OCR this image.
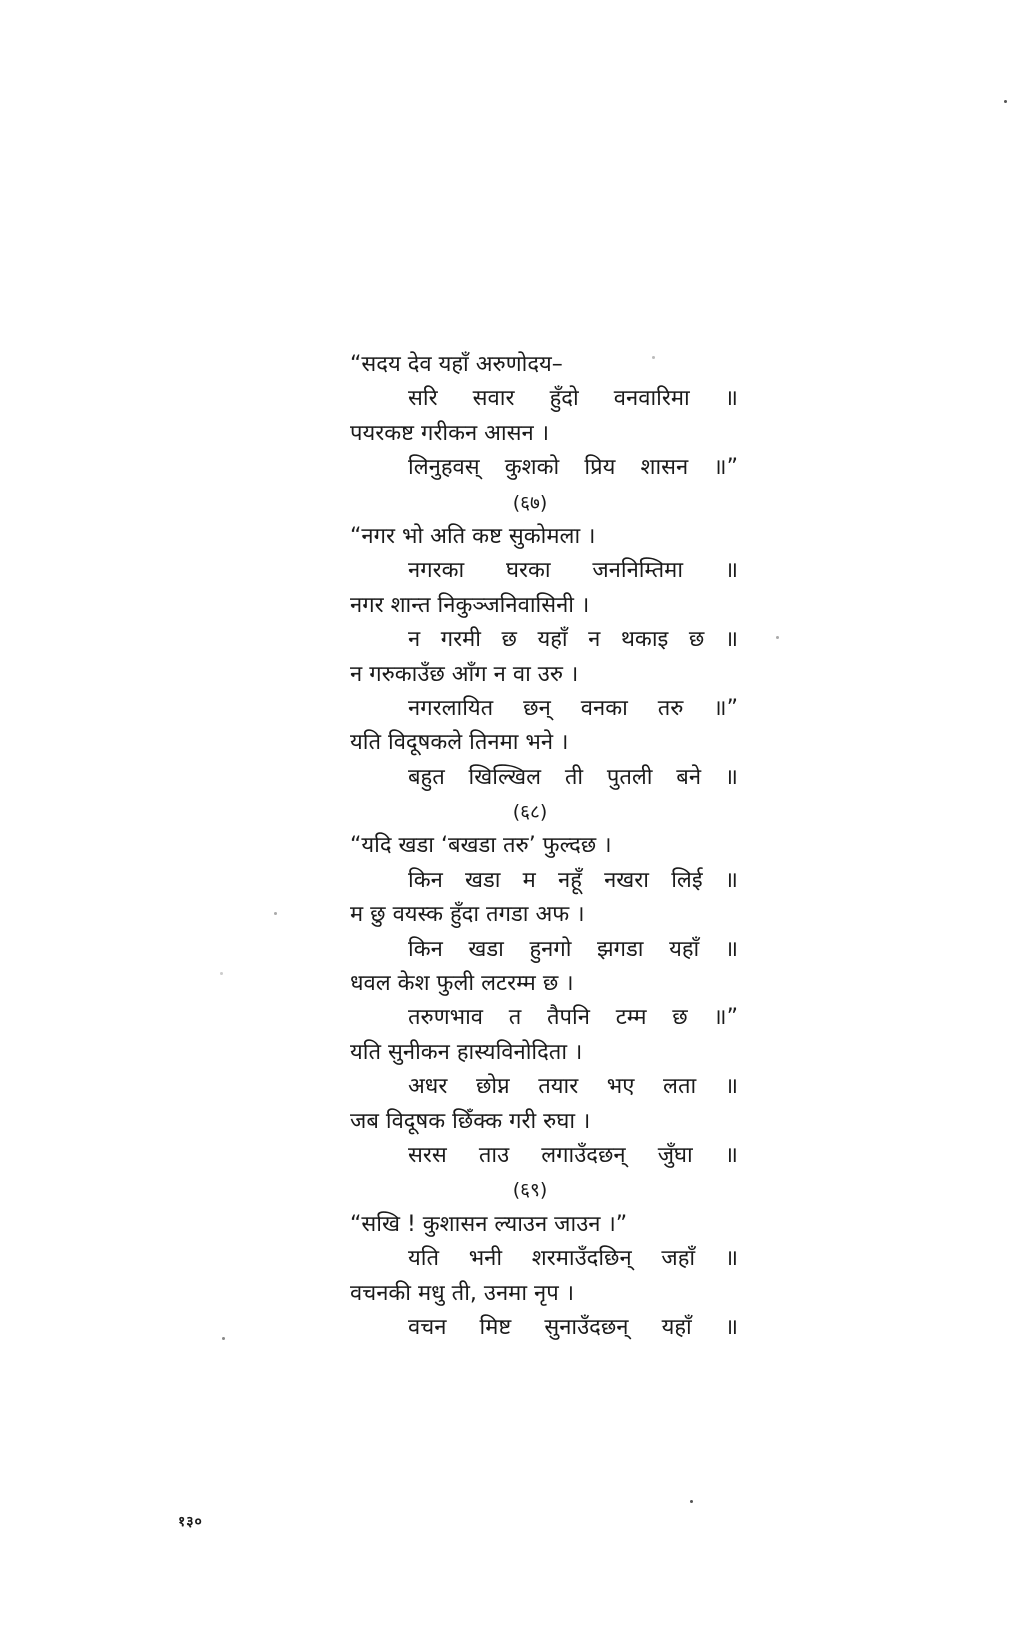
“सदय देव यहाँ अरुणोदय–
सरि सवार हुँदो वनवारिमा ॥
पयरकष्ट गरीकन आसन ।
लिनुहवस् कुशको प्रिय शासन ॥”
(६७)
“नगर भो अति कष्ट सुकोमला ।
नगरका घरका जननिम्तिमा ॥
नगर शान्त निकुञ्जनिवासिनी ।
न गरमी छ यहाँ न थकाइ छ ॥
न गरुकाउँछ आँग न वा उरु ।
नगरलायित छन् वनका तरु ॥”
यति विदूषकले तिनमा भने ।
बहुत खिल्खिल ती पुतली बने ॥
(६८)
“यदि खडा ‘बखडा तरु’ फुल्दछ ।
किन खडा म नहूँ नखरा लिई ॥
म छु वयस्क हुँदा तगडा अफ ।
किन खडा हुनगो झगडा यहाँ ॥
धवल केश फुली लटरम्म छ ।
तरुणभाव त तैपनि टम्म छ ॥”
यति सुनीकन हास्यविनोदिता ।
अधर छोप्न तयार भए लता ॥
जब विदूषक छिँक्क गरी रुघा ।
सरस ताउ लगाउँदछन् जुँघा ॥
(६९)
“सखि ! कुशासन ल्याउन जाउन ।”
यति भनी शरमाउँदछिन् जहाँ ॥
वचनकी मधु ती, उनमा नृप ।
वचन मिष्ट सुनाउँदछन् यहाँ ॥
१३०
